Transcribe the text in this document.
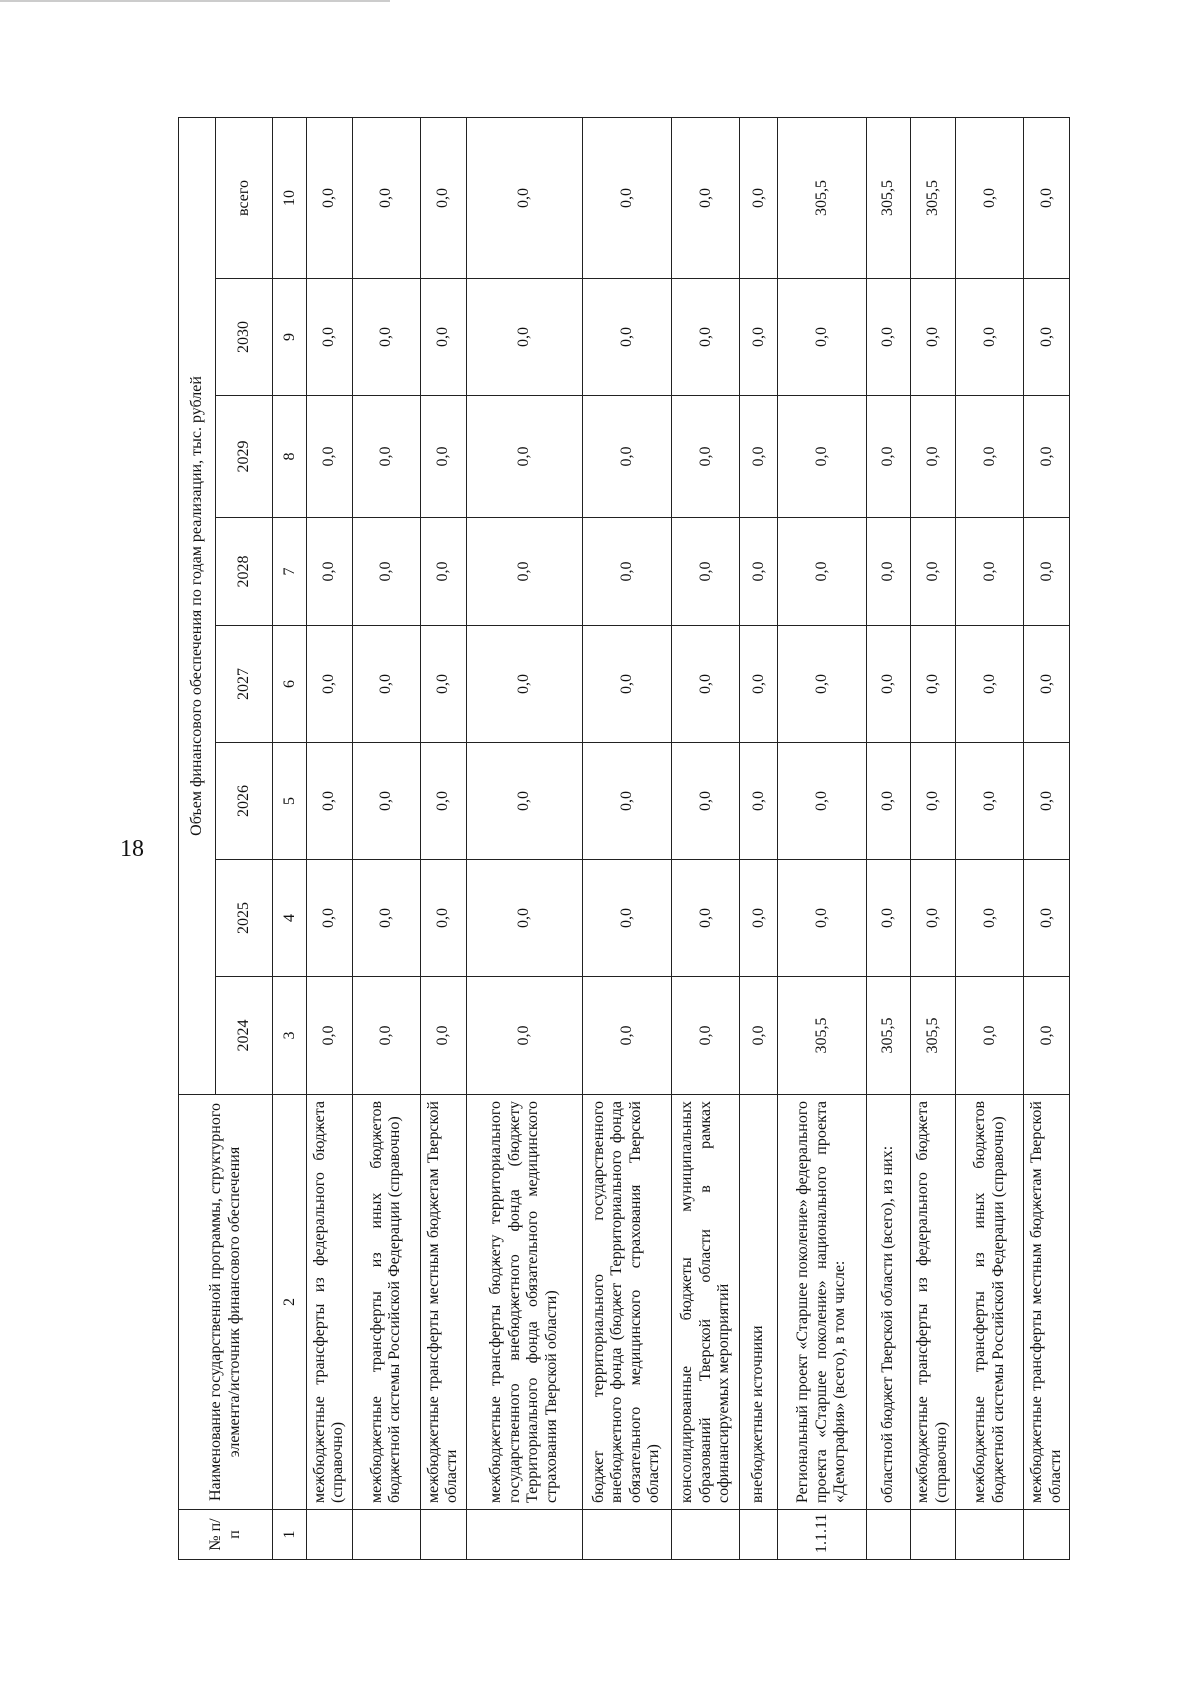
18
№ п/п	Наименование государственной программы, структурного элемента/источник финансового обеспечения	Объем финансового обеспечения по годам реализации, тыс. рублей							
		2024	2025	2026	2027	2028	2029	2030	всего
1	2	3	4	5	6	7	8	9	10
	межбюджетные трансферты из федерального бюджета (справочно)	0,0	0,0	0,0	0,0	0,0	0,0	0,0	0,0
	межбюджетные трансферты из иных бюджетов бюджетной системы Российской Федерации (справочно)	0,0	0,0	0,0	0,0	0,0	0,0	0,0	0,0
	межбюджетные трансферты местным бюджетам Тверской области	0,0	0,0	0,0	0,0	0,0	0,0	0,0	0,0
	межбюджетные трансферты бюджету территориального государственного внебюджетного фонда (бюджету Территориального фонда обязательного медицинского страхования Тверской области)	0,0	0,0	0,0	0,0	0,0	0,0	0,0	0,0
	бюджет территориального государственного внебюджетного фонда (бюджет Территориального фонда обязательного медицинского страхования Тверской области)	0,0	0,0	0,0	0,0	0,0	0,0	0,0	0,0
	консолидированные бюджеты муниципальных образований Тверской области в рамках софинансируемых мероприятий	0,0	0,0	0,0	0,0	0,0	0,0	0,0	0,0
	внебюджетные источники	0,0	0,0	0,0	0,0	0,0	0,0	0,0	0,0
1.1.11	Региональный проект «Старшее поколение» федерального проекта «Старшее поколение» национального проекта «Демография» (всего), в том числе:	305,5	0,0	0,0	0,0	0,0	0,0	0,0	305,5
	областной бюджет Тверской области (всего), из них:	305,5	0,0	0,0	0,0	0,0	0,0	0,0	305,5
	межбюджетные трансферты из федерального бюджета (справочно)	305,5	0,0	0,0	0,0	0,0	0,0	0,0	305,5
	межбюджетные трансферты из иных бюджетов бюджетной системы Российской Федерации (справочно)	0,0	0,0	0,0	0,0	0,0	0,0	0,0	0,0
	межбюджетные трансферты местным бюджетам Тверской области	0,0	0,0	0,0	0,0	0,0	0,0	0,0	0,0
